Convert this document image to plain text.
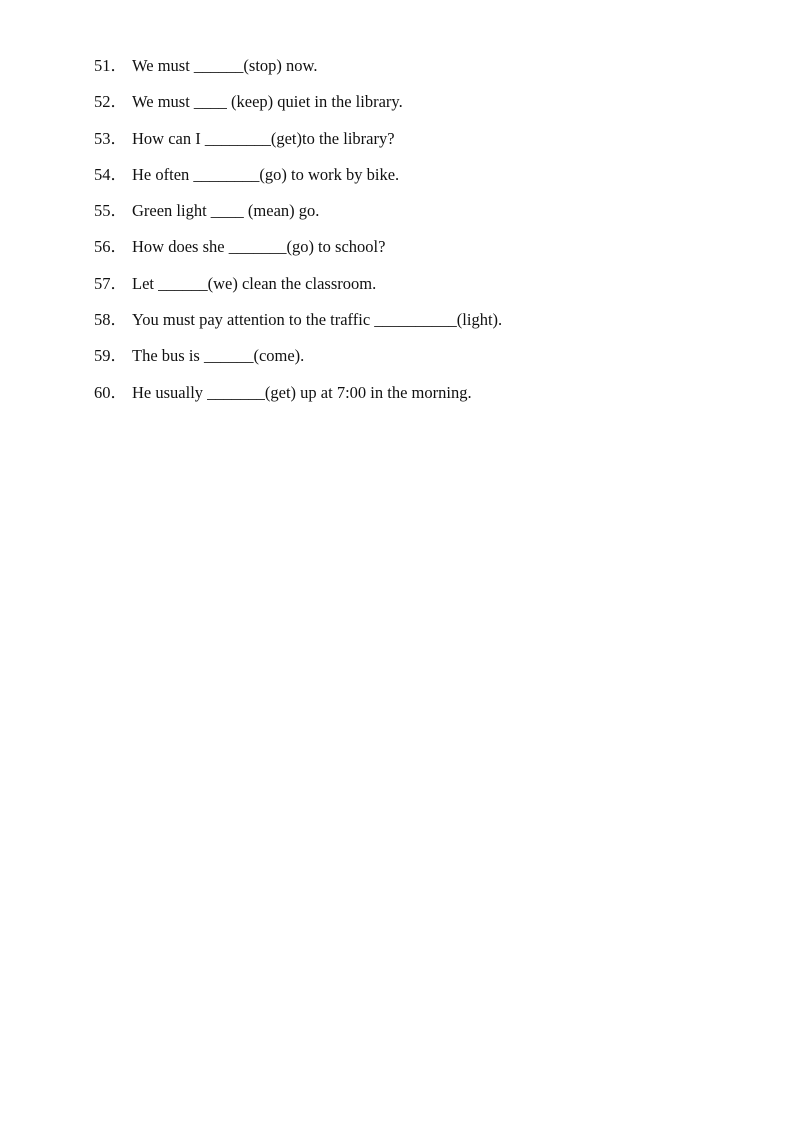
51． We must ______(stop) now.
52． We must ____ (keep) quiet in the library.
53． How can I ________(get)to the library?
54． He often ________(go) to work by bike.
55． Green light ____ (mean) go.
56． How does she _______(go) to school?
57． Let ______(we) clean the classroom.
58． You must pay attention to the traffic __________(light).
59． The bus is ______(come).
60． He usually _______(get) up at 7:00 in the morning.
